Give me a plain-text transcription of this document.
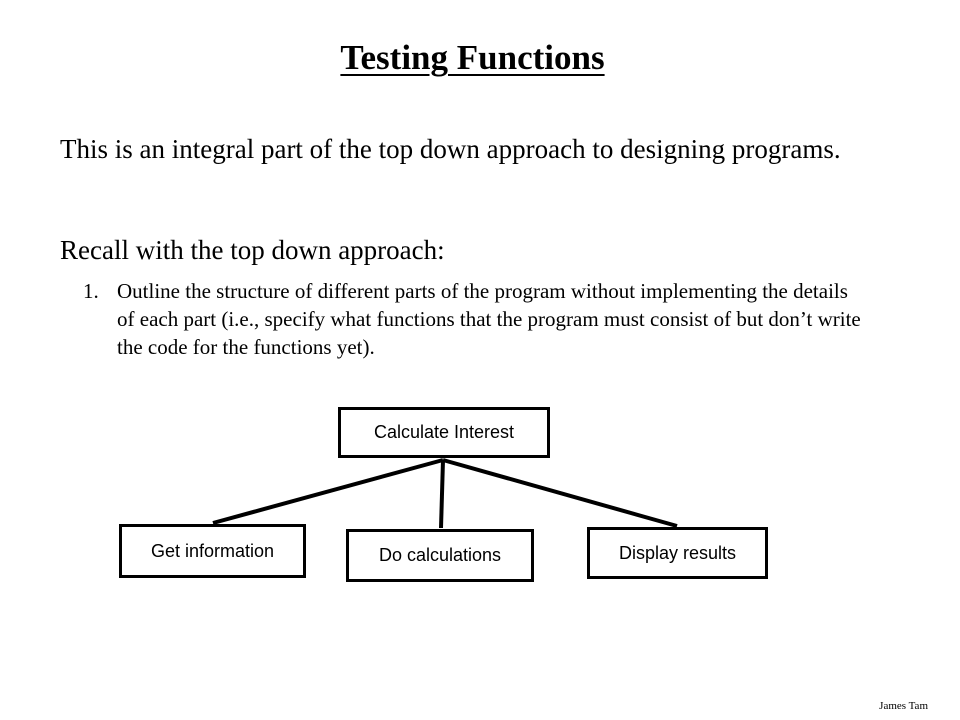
Testing Functions
This is an integral part of the top down approach to designing programs.
Recall with the top down approach:
1. Outline the structure of different parts of the program without implementing the details of each part (i.e., specify what functions that the program must consist of but don’t write the code for the functions yet).
Calculate Interest
Get information	Do calculations	Display results
James Tam
